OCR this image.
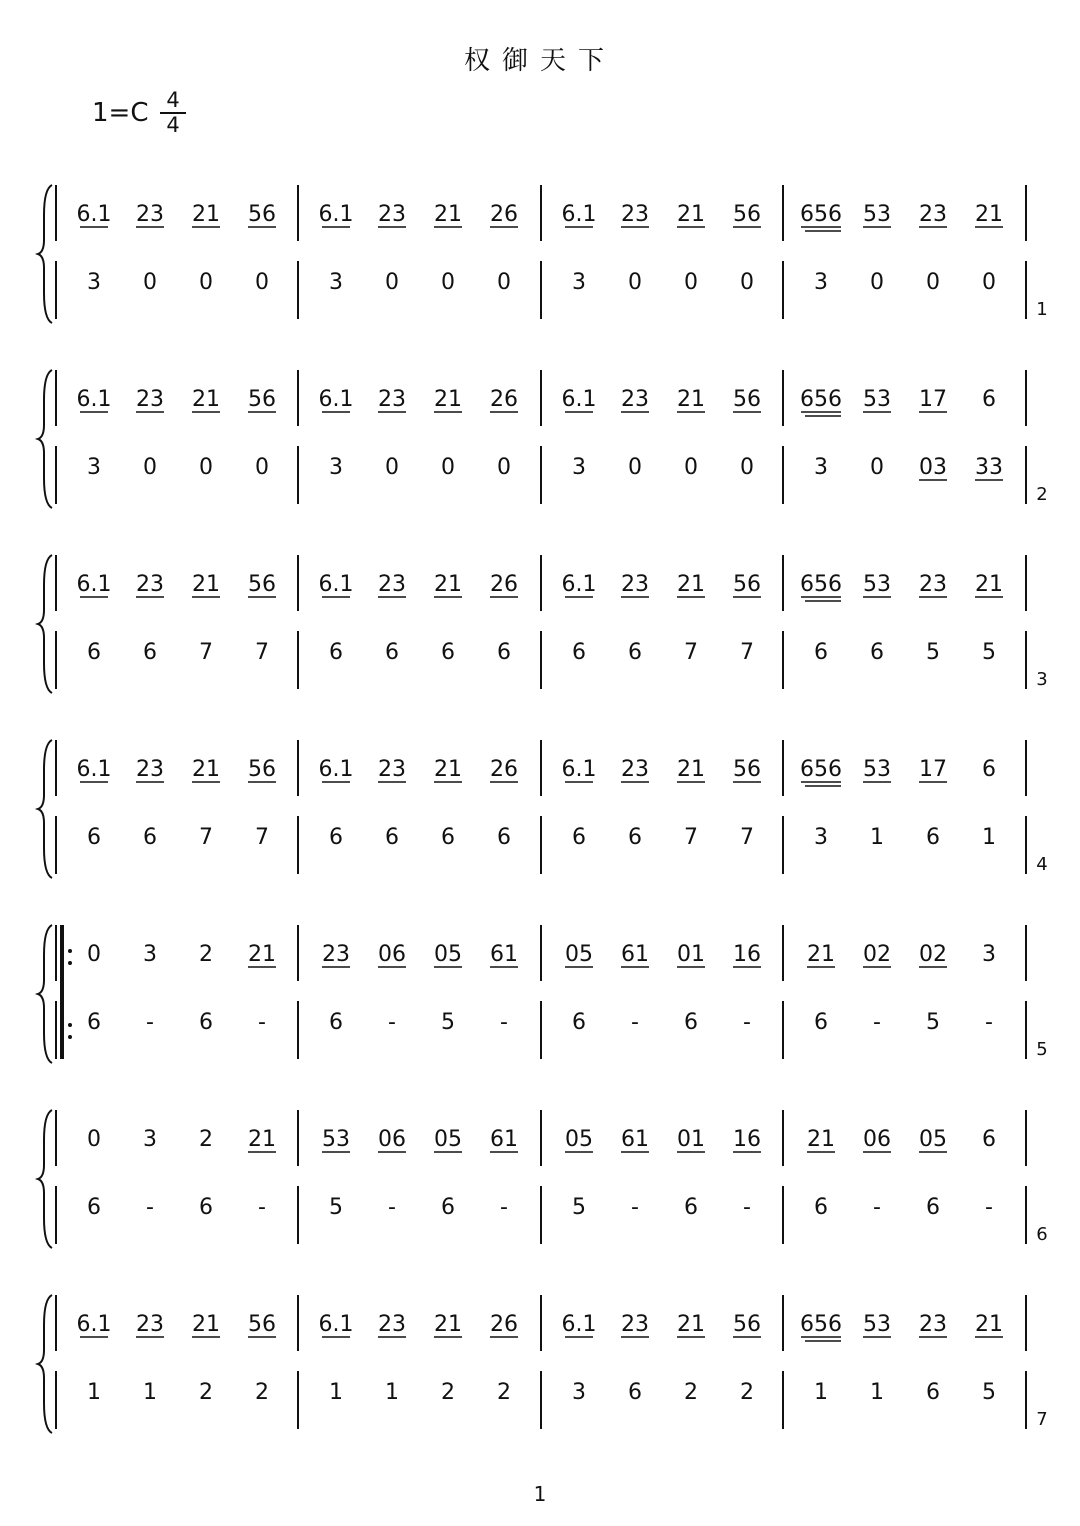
权御天下
1=C 4
4
6.1 23 21 56 6.1 23 21 26 6.1 23 21 56 656 53 23 21
3 0 0 0	3 0 0 0	3 0 0 0	3 0 0 0
1
6.1 23 21 56 6.1 23 21 26 6.1 23 21 56 656 53 17 6
3 0 0 0	3 0 0 0	3 0 0 0	3 0 03 33
2
6.1 23 21 56 6.1 23 21 26 6.1 23 21 56 656 53 23 21
6 6 7 7	6 6 6 6	6 6 7 7	6 6 5 5
3
6.1 23 21 56 6.1 23 21 26 6.1 23 21 56 656 53 17 6
6 6 7 7	6 6 6 6	6 6 7 7	3 1 6 1
4
0 3 2 21 23 06 05 61 05 61 01 16 21 02 02 3
6 - 6 -	6 - 5 -	6 - 6 -	6 - 5 -
5
0 3 2 21 53 06 05 61 05 61 01 16 21 06 05 6
6 - 6 -	5 - 6 -	5 - 6 -	6 - 6 -
6
6.1 23 21 56 6.1 23 21 26 6.1 23 21 56 656 53 23 21
1 1 2 2	1 1 2 2	3 6 2 2	1 1 6 5
7
1
